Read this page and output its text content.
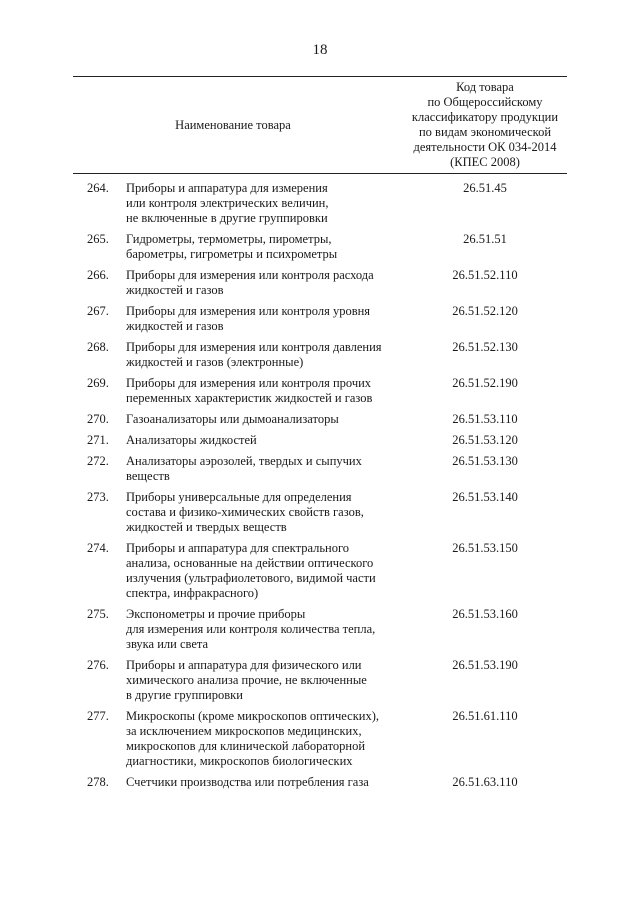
18
Наименование товара
Код товара
по Общероссийскому
классификатору продукции
по видам экономической
деятельности ОК 034-2014
(КПЕС 2008)
264. Приборы и аппаратура для измерения
или контроля электрических величин,
не включенные в другие группировки
26.51.45
265. Гидрометры, термометры, пирометры,
барометры, гигрометры и психрометры
26.51.51
266. Приборы для измерения или контроля расхода
жидкостей и газов
26.51.52.110
267. Приборы для измерения или контроля уровня
жидкостей и газов
26.51.52.120
268. Приборы для измерения или контроля давления
жидкостей и газов (электронные)
26.51.52.130
269. Приборы для измерения или контроля прочих
переменных характеристик жидкостей и газов
26.51.52.190
270. Газоанализаторы или дымоанализаторы	26.51.53.110
271. Анализаторы жидкостей	26.51.53.120
272. Анализаторы аэрозолей, твердых и сыпучих
веществ
26.51.53.130
273. Приборы универсальные для определения
состава и физико-химических свойств газов,
жидкостей и твердых веществ
26.51.53.140
274. Приборы и аппаратура для спектрального
анализа, основанные на действии оптического
излучения (ультрафиолетового, видимой части
спектра, инфракрасного)
26.51.53.150
275. Экспонометры и прочие приборы
для измерения или контроля количества тепла,
звука или света
26.51.53.160
276. Приборы и аппаратура для физического или
химического анализа прочие, не включенные
в другие группировки
26.51.53.190
277. Микроскопы (кроме микроскопов оптических),
за исключением микроскопов медицинских,
микроскопов для клинической лабораторной
диагностики, микроскопов биологических
26.51.61.110
278. Счетчики производства или потребления газа	26.51.63.110
